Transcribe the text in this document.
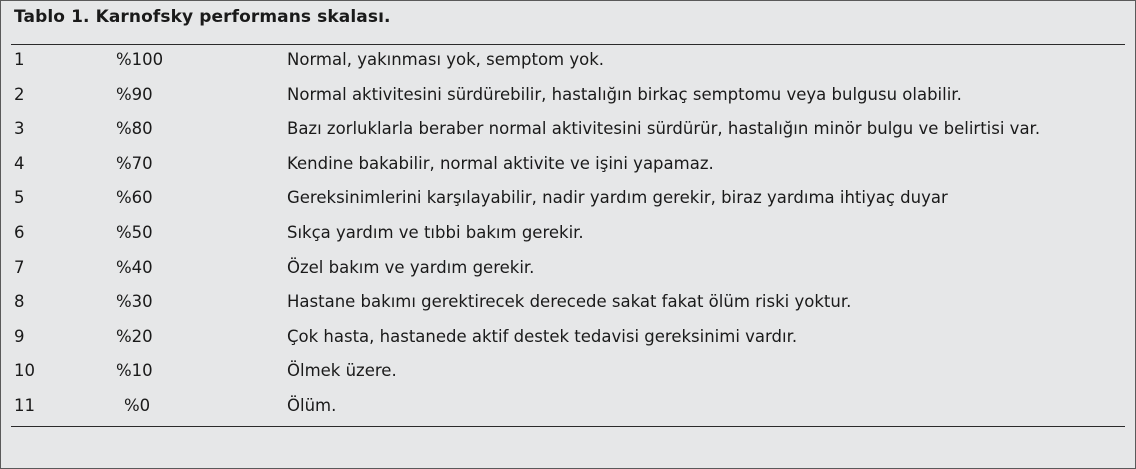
Tablo 1. Karnofsky performans skalası.
1	%100	Normal, yakınması yok, semptom yok.
2	%90	Normal aktivitesini sürdürebilir, hastalığın birkaç semptomu veya bulgusu olabilir.
3	%80	Bazı zorluklarla beraber normal aktivitesini sürdürür, hastalığın minör bulgu ve belirtisi var.
4	%70	Kendine bakabilir, normal aktivite ve işini yapamaz.
5	%60	Gereksinimlerini karşılayabilir, nadir yardım gerekir, biraz yardıma ihtiyaç duyar
6	%50	Sıkça yardım ve tıbbi bakım gerekir.
7	%40	Özel bakım ve yardım gerekir.
8	%30	Hastane bakımı gerektirecek derecede sakat fakat ölüm riski yoktur.
9	%20	Çok hasta, hastanede aktif destek tedavisi gereksinimi vardır.
10	%10	Ölmek üzere.
11	%0	Ölüm.
